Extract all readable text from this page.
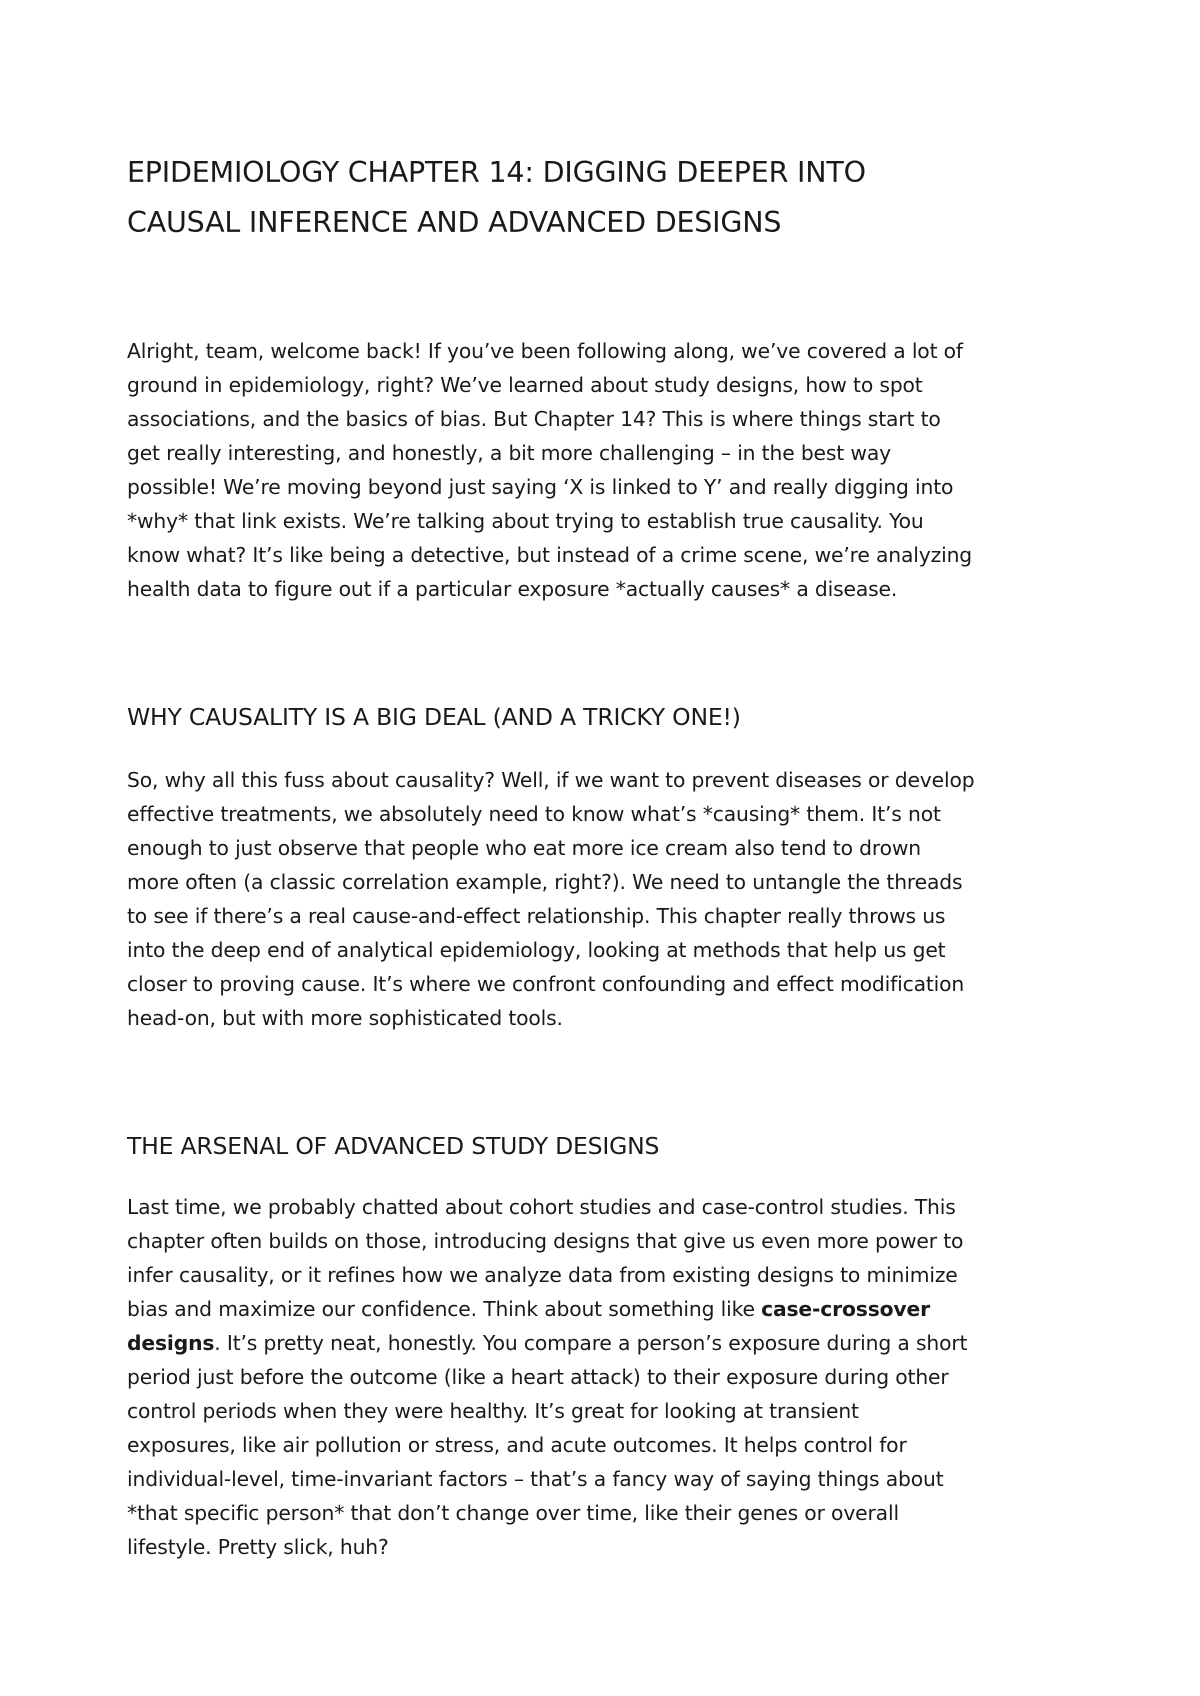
EPIDEMIOLOGY CHAPTER 14: DIGGING DEEPER INTO
CAUSAL INFERENCE AND ADVANCED DESIGNS

Alright, team, welcome back! If you’ve been following along, we’ve covered a lot of
ground in epidemiology, right? We’ve learned about study designs, how to spot
associations, and the basics of bias. But Chapter 14? This is where things start to
get really interesting, and honestly, a bit more challenging – in the best way
possible! We’re moving beyond just saying ‘X is linked to Y’ and really digging into
*why* that link exists. We’re talking about trying to establish true causality. You
know what? It’s like being a detective, but instead of a crime scene, we’re analyzing
health data to figure out if a particular exposure *actually causes* a disease.

WHY CAUSALITY IS A BIG DEAL (AND A TRICKY ONE!)

So, why all this fuss about causality? Well, if we want to prevent diseases or develop
effective treatments, we absolutely need to know what’s *causing* them. It’s not
enough to just observe that people who eat more ice cream also tend to drown
more often (a classic correlation example, right?). We need to untangle the threads
to see if there’s a real cause-and-effect relationship. This chapter really throws us
into the deep end of analytical epidemiology, looking at methods that help us get
closer to proving cause. It’s where we confront confounding and effect modification
head-on, but with more sophisticated tools.

THE ARSENAL OF ADVANCED STUDY DESIGNS

Last time, we probably chatted about cohort studies and case-control studies. This
chapter often builds on those, introducing designs that give us even more power to
infer causality, or it refines how we analyze data from existing designs to minimize
bias and maximize our confidence. Think about something like case-crossover
designs. It’s pretty neat, honestly. You compare a person’s exposure during a short
period just before the outcome (like a heart attack) to their exposure during other
control periods when they were healthy. It’s great for looking at transient
exposures, like air pollution or stress, and acute outcomes. It helps control for
individual-level, time-invariant factors – that’s a fancy way of saying things about
*that specific person* that don’t change over time, like their genes or overall
lifestyle. Pretty slick, huh?
